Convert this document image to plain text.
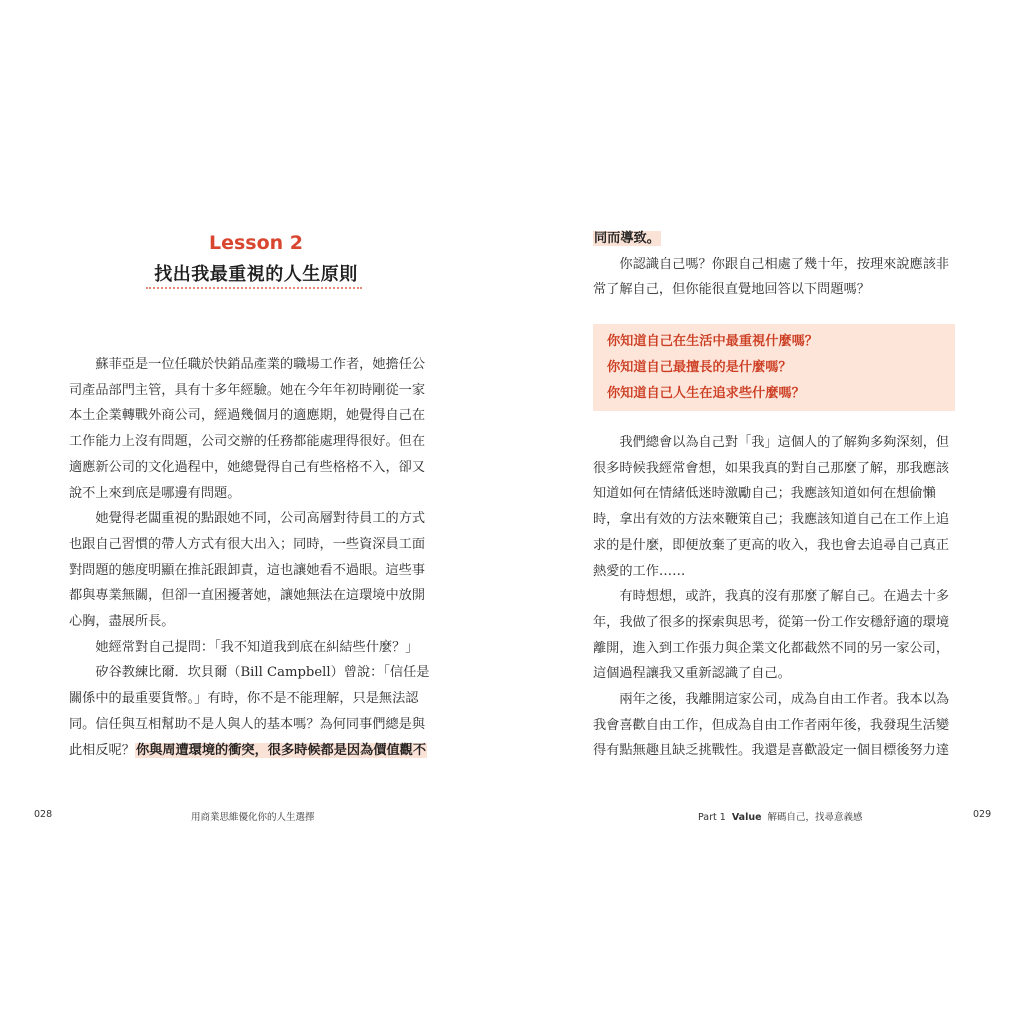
Lesson 2
找出我最重視的人生原則

蘇菲亞是一位任職於快銷品產業的職場工作者，她擔任公司產品部門主管，具有十多年經驗。她在今年年初時剛從一家本土企業轉戰外商公司，經過幾個月的適應期，她覺得自己在工作能力上沒有問題，公司交辦的任務都能處理得很好。但在適應新公司的文化過程中，她總覺得自己有些格格不入，卻又說不上來到底是哪邊有問題。

她覺得老闆重視的點跟她不同，公司高層對待員工的方式也跟自己習慣的帶人方式有很大出入；同時，一些資深員工面對問題的態度明顯在推託跟卸責，這也讓她看不過眼。這些事都與專業無關，但卻一直困擾著她，讓她無法在這環境中放開心胸，盡展所長。

她經常對自己提問：「我不知道我到底在糾結些什麼？」

矽谷教練比爾．坎貝爾（Bill Campbell）曾說：「信任是關係中的最重要貨幣。」有時，你不是不能理解，只是無法認同。信任與互相幫助不是人與人的基本嗎？為何同事們總是與此相反呢？你與周遭環境的衝突，很多時候都是因為價值觀不

028	用商業思維優化你的人生選擇

同而導致。

你認識自己嗎？你跟自己相處了幾十年，按理來說應該非常了解自己，但你能很直覺地回答以下問題嗎？

你知道自己在生活中最重視什麼嗎？
你知道自己最擅長的是什麼嗎？
你知道自己人生在追求些什麼嗎？

我們總會以為自己對「我」這個人的了解夠多夠深刻，但很多時候我經常會想，如果我真的對自己那麼了解，那我應該知道如何在情緒低迷時激勵自己；我應該知道如何在想偷懶時，拿出有效的方法來鞭策自己；我應該知道自己在工作上追求的是什麼，即便放棄了更高的收入，我也會去追尋自己真正熱愛的工作……

有時想想，或許，我真的沒有那麼了解自己。在過去十多年，我做了很多的探索與思考，從第一份工作安穩舒適的環境離開，進入到工作張力與企業文化都截然不同的另一家公司，這個過程讓我又重新認識了自己。

兩年之後，我離開這家公司，成為自由工作者。我本以為我會喜歡自由工作，但成為自由工作者兩年後，我發現生活變得有點無趣且缺乏挑戰性。我還是喜歡設定一個目標後努力達

Part 1 Value 解碼自己，找尋意義感	029
